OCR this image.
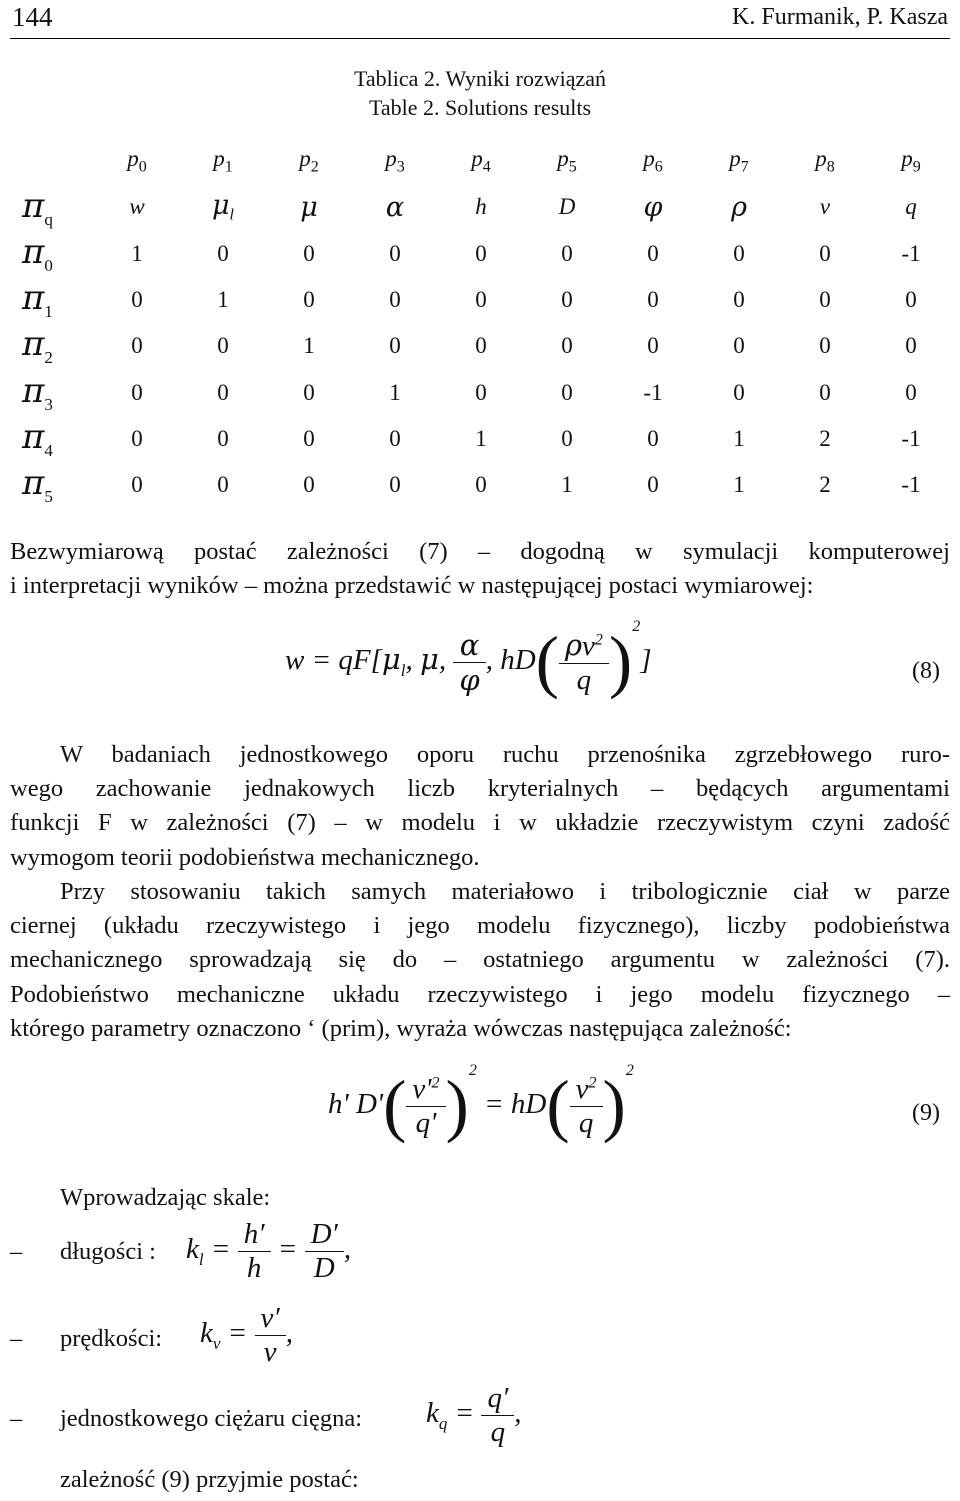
144	K. Furmanik, P. Kasza
Tablica 2. Wyniki rozwiązań
Table 2. Solutions results
	$p_0$	$p_1$	$p_2$	$p_3$	$p_4$	$p_5$	$p_6$	$p_7$	$p_8$	$p_9$
$\pi_q$	w	$\mu_l$	μ	α	h	D	φ	ρ	v	q
$\pi_0$	1	0	0	0	0	0	0	0	0	-1
$\pi_1$	0	1	0	0	0	0	0	0	0	0
$\pi_2$	0	0	1	0	0	0	0	0	0	0
$\pi_3$	0	0	0	1	0	0	-1	0	0	0
$\pi_4$	0	0	0	0	1	0	0	1	2	-1
$\pi_5$	0	0	0	0	0	1	0	1	2	-1
Bezwymiarową postać zależności (7) – dogodną w symulacji komputerowej
i interpretacji wyników – można przedstawić w następującej postaci wymiarowej:
$w = qF[\mu_l$, μ, $\frac{\alpha}{\varphi}$ , $hD( \frac{\rho v^2}{q} )^2$]	(8)
W badaniach jednostkowego oporu ruchu przenośnika zgrzebłowego ruro-
wego zachowanie jednakowych liczb kryterialnych – będących argumentami
funkcji F w zależności (7) – w modelu i w układzie rzeczywistym czyni zadość
wymogom teorii podobieństwa mechanicznego.
Przy stosowaniu takich samych materiałowo i tribologicznie ciał w parze
ciernej (układu rzeczywistego i jego modelu fizycznego), liczby podobieństwa
mechanicznego sprowadzają się do – ostatniego argumentu w zależności (7).
Podobieństwo mechaniczne układu rzeczywistego i jego modelu fizycznego –
którego parametry oznaczono ‘ (prim), wyraża wówczas następująca zależność:
h' $D'( \frac{v'^2}{q'} )^2 = hD( \frac{v^2}{q} )^2$
(9)
Wprowadzając skale:
– długości : $k_l = \frac{h'}{h} = \frac{D'}{D}$ ,
– prędkości: $k_v = \frac{v'}{v}$ ,
– jednostkowego ciężaru cięgna: $k_q = \frac{q'}{q}$ ,
zależność (9) przyjmie postać:
